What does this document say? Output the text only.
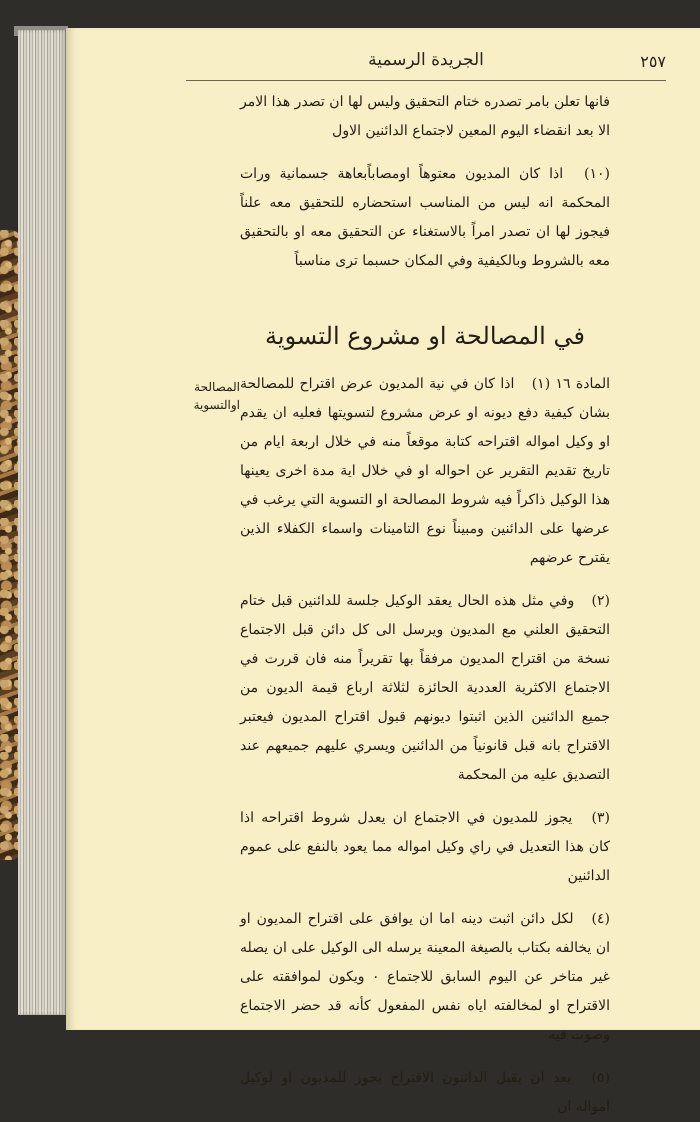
الجريدة الرسمية	٢٥٧

فانها تعلن بامر تصدره ختام التحقيق وليس لها ان تصدر هذا الامر الا بعد انقضاء اليوم المعين لاجتماع الدائنين الاول

(١٠) اذا كان المديون معتوهاً اومصاباًبعاهة جسمانية ورات المحكمة انه ليس من المناسب استحضاره للتحقيق معه علناً فيجوز لها ان تصدر امراً بالاستغناء عن التحقيق معه او بالتحقيق معه بالشروط وبالكيفية وفي المكان حسبما ترى مناسباً

في المصالحة او مشروع التسوية
المصالحة اوالتسوية

المادة ١٦ (١) اذا كان في نية المديون عرض اقتراح للمصالحة بشان كيفية دفع ديونه او عرض مشروع لتسويتها فعليه ان يقدم او وكيل امواله اقتراحه كتابة موقعاً منه في خلال اربعة ايام من تاريخ تقديم التقرير عن احواله او في خلال اية مدة اخرى يعينها هذا الوكيل ذاكراً فيه شروط المصالحة او التسوية التي يرغب في عرضها على الدائنين ومبيناً نوع التامينات واسماء الكفلاء الذين يقترح عرضهم

(٢) وفي مثل هذه الحال يعقد الوكيل جلسة للدائنين قبل ختام التحقيق العلني مع المديون ويرسل الى كل دائن قبل الاجتماع نسخة من اقتراح المديون مرفقاً بها تقريراً منه فان قررت في الاجتماع الاكثرية العددية الحائزة لثلاثة ارباع قيمة الديون من جميع الدائنين الذين اثبتوا ديونهم قبول اقتراح المديون فيعتبر الاقتراح بانه قبل قانونياً من الدائنين ويسري عليهم جميعهم عند التصديق عليه من المحكمة

(٣) يجوز للمديون في الاجتماع ان يعدل شروط اقتراحه اذا كان هذا التعديل في راي وكيل امواله مما يعود بالنفع على عموم الدائنين

(٤) لكل دائن اثبت دينه اما ان يوافق على اقتراح المديون او ان يخالفه بكتاب بالصيغة المعينة يرسله الى الوكيل على ان يصله غير متاخر عن اليوم السابق للاجتماع ٠ ويكون لموافقته على الاقتراح او لمخالفته اياه نفس المفعول كأنه قد حضر الاجتماع وصوت فيه

(٥) بعد ان يقبل الدائنون الاقتراح يجوز للمديون او لوكيل امواله ان
